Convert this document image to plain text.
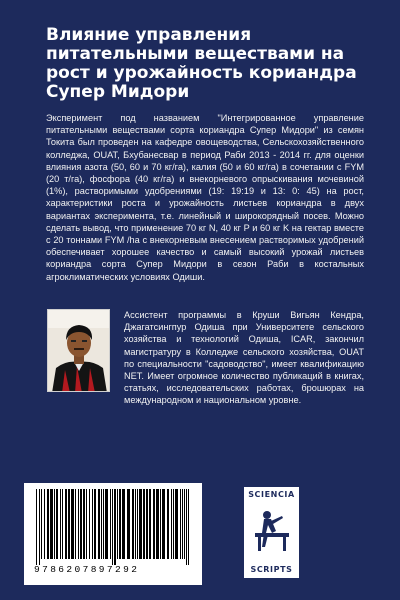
Влияние управления питательными веществами на рост и урожайность кориандра Супер Мидори

Эксперимент под названием "Интегрированное управление питательными веществами сорта кориандра Супер Мидори" из семян Токита был проведен на кафедре овощеводства, Сельскохозяйственного колледжа, OUAT, Бхубанесвар в период Раби 2013 - 2014 гг. для оценки влияния азота (50, 60 и 70 кг/га), калия (50 и 60 кг/га) в сочетании с FYM (20 т/га), фосфора (40 кг/га) и внекорневого опрыскивания мочевиной (1%), растворимыми удобрениями (19: 19:19 и 13: 0: 45) на рост, характеристики роста и урожайность листьев кориандра в двух вариантах эксперимента, т.е. линейный и широкорядный посев. Можно сделать вывод, что применение 70 кг N, 40 кг P и 60 кг K на гектар вместе с 20 тоннами FYM /ha с внекорневым внесением растворимых удобрений обеспечивает хорошее качество и самый высокий урожай листьев кориандра сорта Супер Мидори в сезон Раби в костальных агроклиматических условиях Одиши.

Ассистент программы в Круши Вигьян Кендра, Джагатсингпур Одиша при Университете сельского хозяйства и технологий Одиша, ICAR, закончил магистратуру в Колледже сельского хозяйства, OUAT по специальности "садоводство", имеет квалификацию NET. Имеет огромное количество публикаций в книгах, статьях, исследовательских работах, брошюрах на международном и национальном уровне.

9786207897292
SCIENCIA
SCRIPTS
